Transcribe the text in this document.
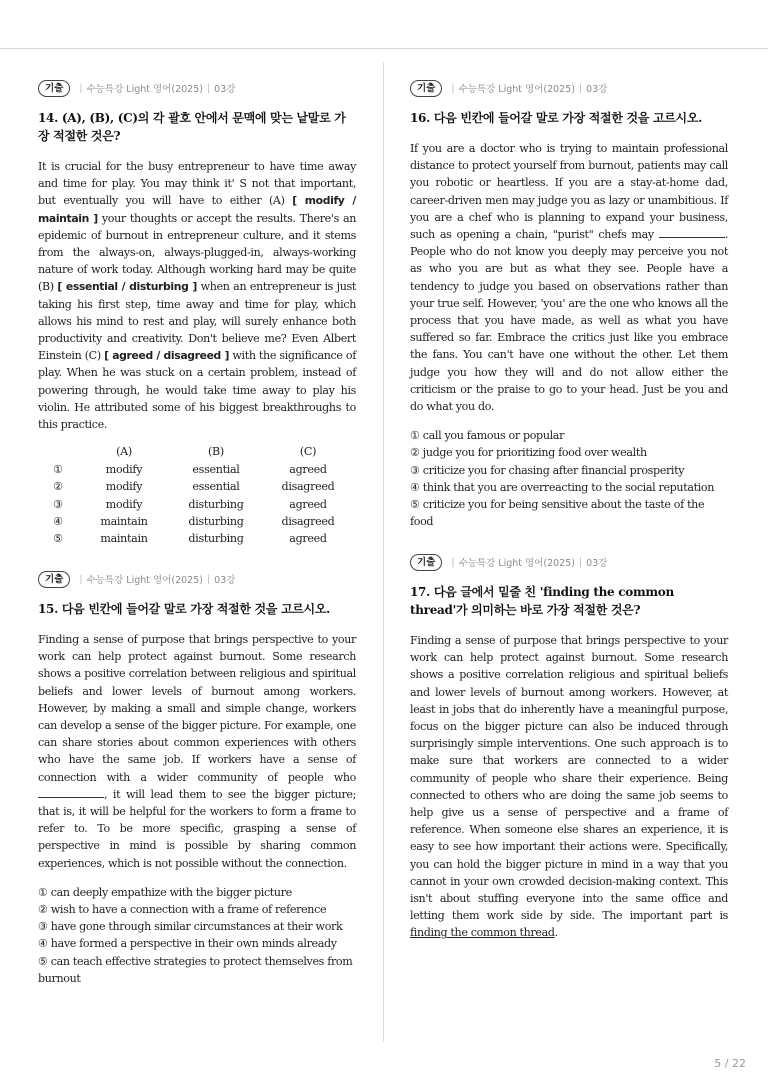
기출	| 수능특강 Light 영어(2025) | 03강
14. (A), (B), (C)의 각 괄호 안에서 문맥에 맞는 낱말로 가장 적절한 것은?
It is crucial for the busy entrepreneur to have time away and time for play. You may think it' S not that important, but eventually you will have to either (A) [ modify / maintain ] your thoughts or accept the results. There's an epidemic of burnout in entrepreneur culture, and it stems from the always-on, always-plugged-in, always-working nature of work today. Although working hard may be quite (B) [ essential / disturbing ] when an entrepreneur is just taking his first step, time away and time for play, which allows his mind to rest and play, will surely enhance both productivity and creativity. Don't believe me? Even Albert Einstein (C) [ agreed / disagreed ] with the significance of play. When he was stuck on a certain problem, instead of powering through, he would take time away to play his violin. He attributed some of his biggest breakthroughs to this practice.
	(A)	(B)	(C)
①	modify	essential	agreed
②	modify	essential	disagreed
③	modify	disturbing	agreed
④	maintain	disturbing	disagreed
⑤	maintain	disturbing	agreed
기출	| 수능특강 Light 영어(2025) | 03강
15. 다음 빈칸에 들어갈 말로 가장 적절한 것을 고르시오.
Finding a sense of purpose that brings perspective to your work can help protect against burnout. Some research shows a positive correlation between religious and spiritual beliefs and lower levels of burnout among workers. However, by making a small and simple change, workers can develop a sense of the bigger picture. For example, one can share stories about common experiences with others who have the same job. If workers have a sense of connection with a wider community of people who , it will lead them to see the bigger picture; that is, it will be helpful for the workers to form a frame to refer to. To be more specific, grasping a sense of perspective in mind is possible by sharing common experiences, which is not possible without the connection.
① can deeply empathize with the bigger picture
② wish to have a connection with a frame of reference
③ have gone through similar circumstances at their work
④ have formed a perspective in their own minds already
⑤ can teach effective strategies to protect themselves from burnout
기출	| 수능특강 Light 영어(2025) | 03강
16. 다음 빈칸에 들어갈 말로 가장 적절한 것을 고르시오.
If you are a doctor who is trying to maintain professional distance to protect yourself from burnout, patients may call you robotic or heartless. If you are a stay-at-home dad, career-driven men may judge you as lazy or unambitious. If you are a chef who is planning to expand your business, such as opening a chain, "purist" chefs may	. People who do not know you deeply may perceive you not as who you are but as what they see. People have a tendency to judge you based on observations rather than your true self. However, 'you' are the one who knows all the process that you have made, as well as what you have suffered so far. Embrace the critics just like you embrace the fans. You can't have one without the other. Let them judge you how they will and do not allow either the criticism or the praise to go to your head. Just be you and do what you do.
① call you famous or popular
② judge you for prioritizing food over wealth
③ criticize you for chasing after financial prosperity
④ think that you are overreacting to the social reputation
⑤ criticize you for being sensitive about the taste of the food
기출	| 수능특강 Light 영어(2025) | 03강
17. 다음 글에서 밑줄 친 'finding the common thread'가 의미하는 바로 가장 적절한 것은?
Finding a sense of purpose that brings perspective to your work can help protect against burnout. Some research shows a positive correlation religious and spiritual beliefs and lower levels of burnout among workers. However, at least in jobs that do inherently have a meaningful purpose, focus on the bigger picture can also be induced through surprisingly simple interventions. One such approach is to make sure that workers are connected to a wider community of people who share their experience. Being connected to others who are doing the same job seems to help give us a sense of perspective and a frame of reference. When someone else shares an experience, it is easy to see how important their actions were. Specifically, you can hold the bigger picture in mind in a way that you cannot in your own crowded decision-making context. This isn't about stuffing everyone into the same office and letting them work side by side. The important part is finding the common thread.
5 / 22
